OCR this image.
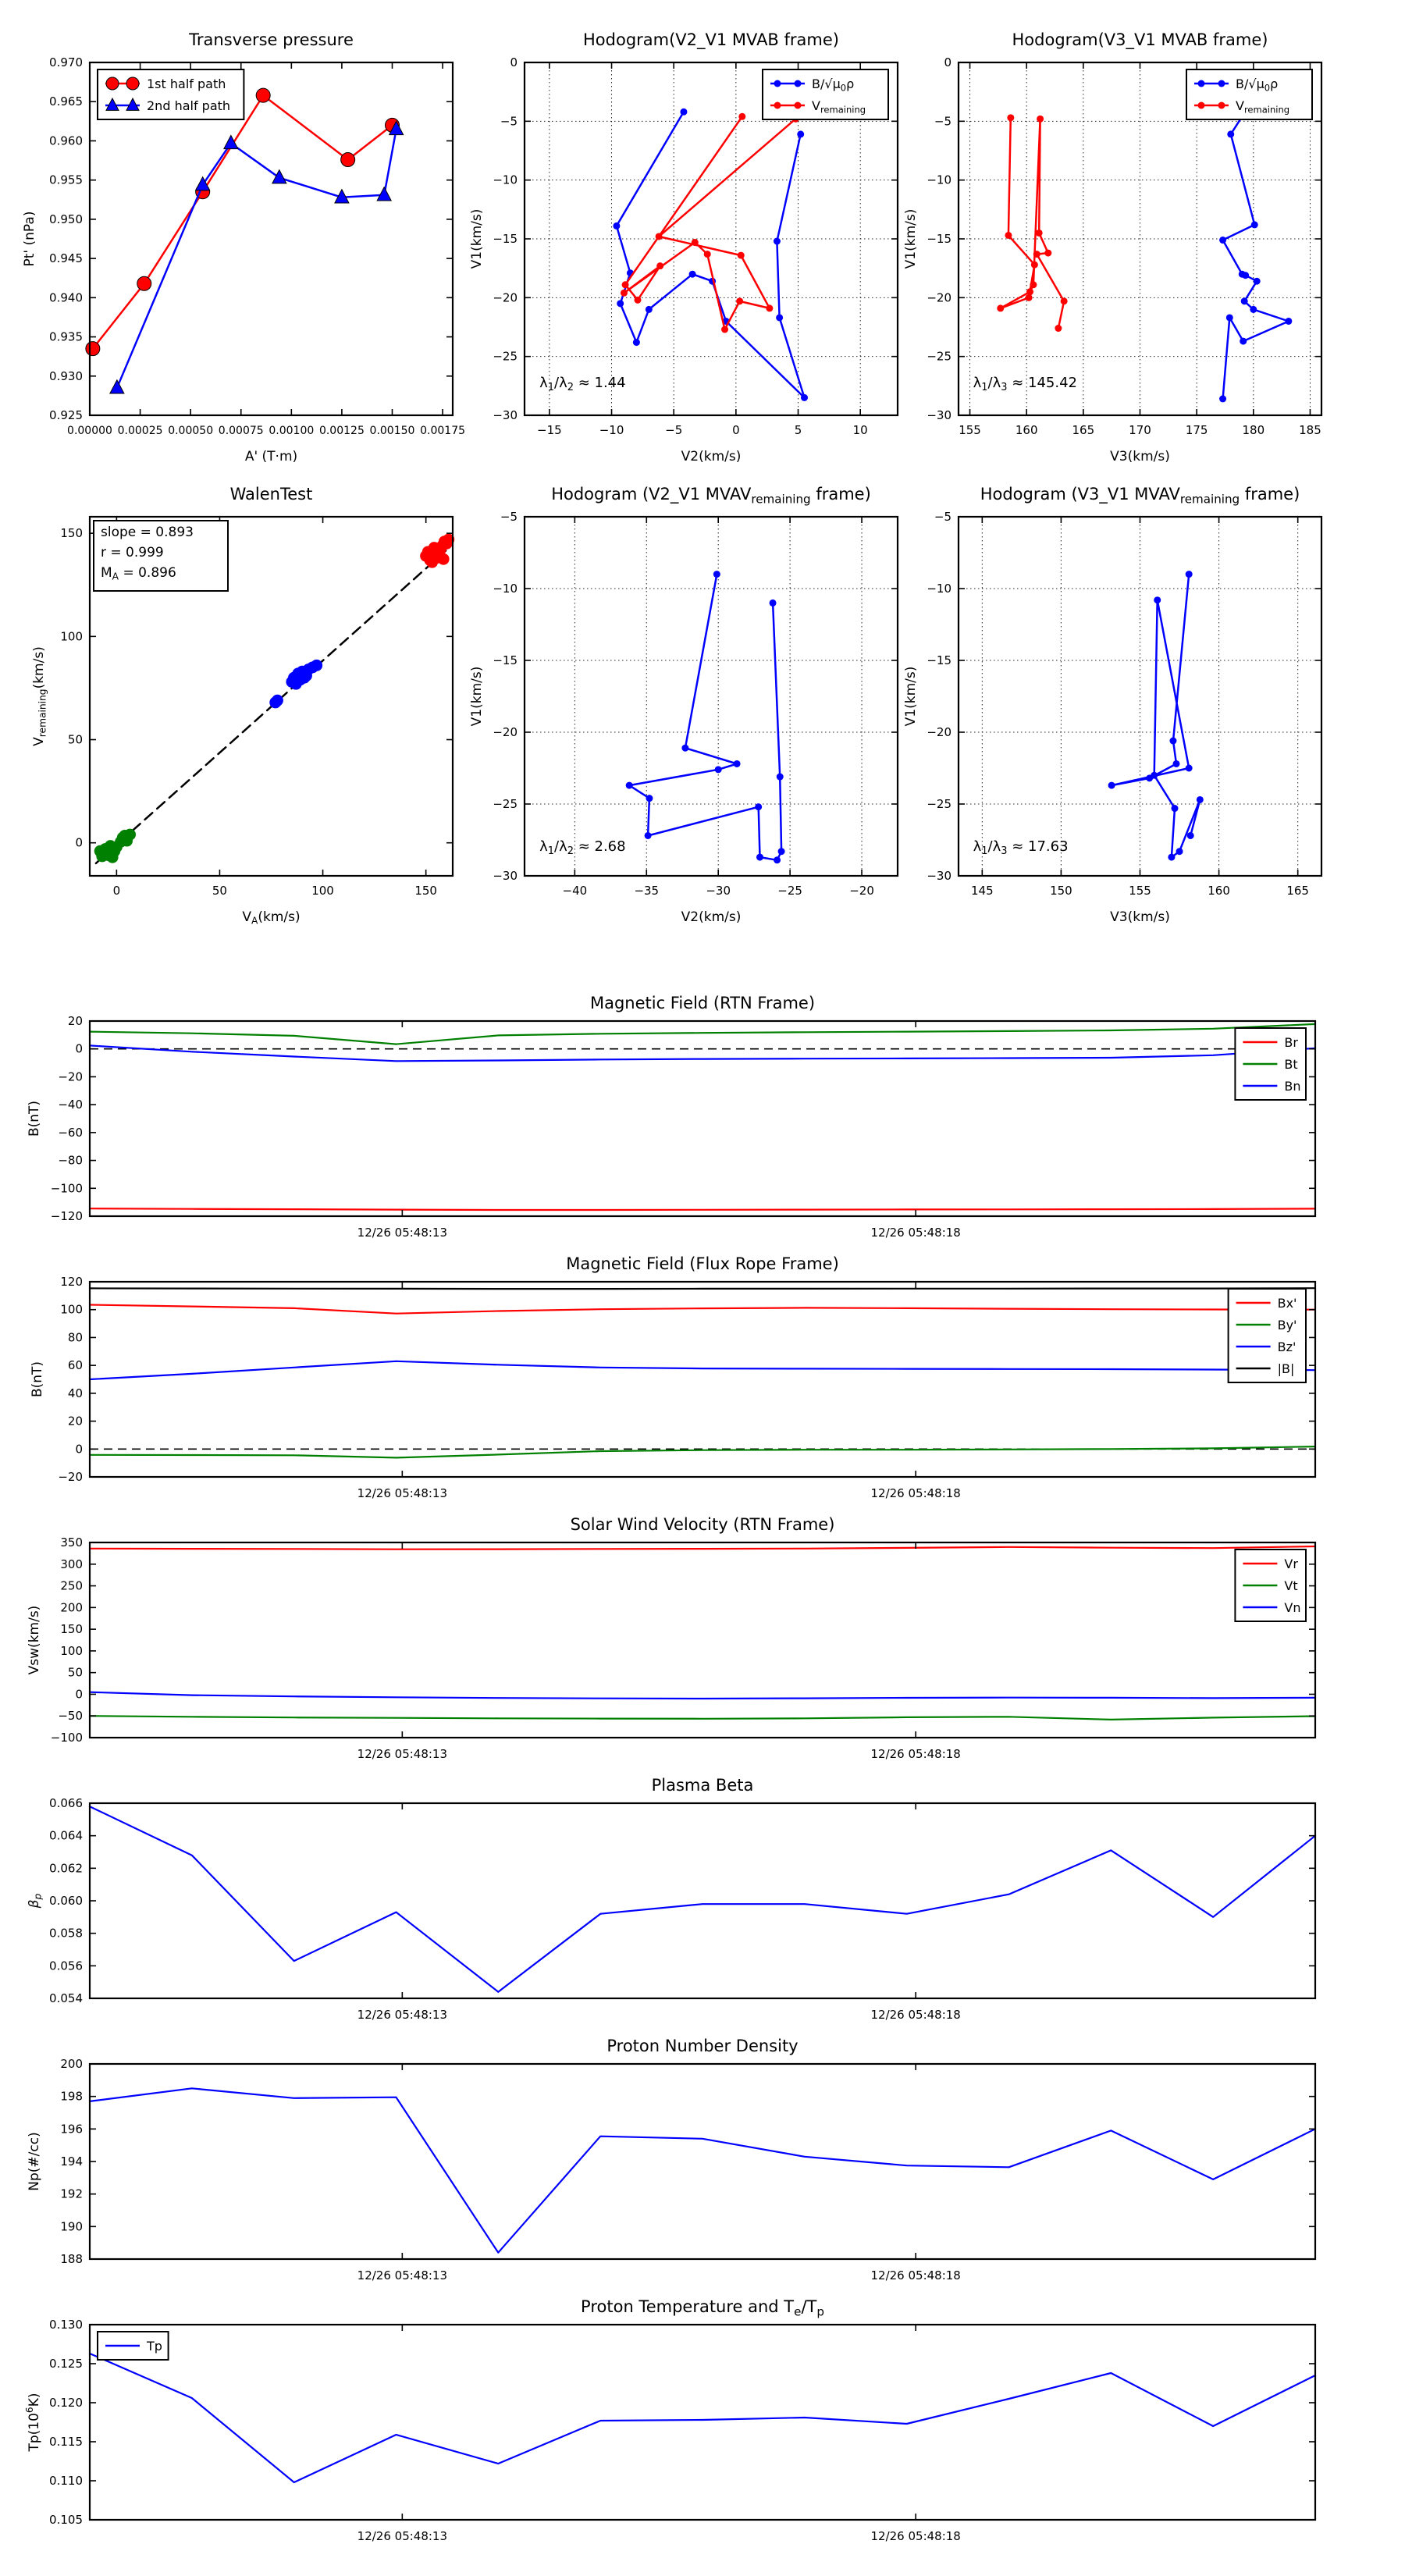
0.00000 0.00025 0.00050 0.00075 0.00100 0.00125 0.00150 0.00175
0.925
0.930
0.935
0.940
0.945
0.950
0.955
0.960
0.965
0.970
Transverse pressure
A' (T·m)
Pt' (nPa)
1st half path
2nd half path
−15	−10	−5	0	5	10
0
−5
−10
−15
−20
−25
−30
Hodogram(V2_V1 MVAB frame)
V2(km/s)
V1(km/s)
$\lambda_1/\lambda_2 \approx 1.44$
$B/√\mu_0\rho$
$V_{remaining}$
155	160	165	170	175	180	185
0
−5
−10
−15
−20
−25
−30
Hodogram(V3_V1 MVAB frame)
V3(km/s)
V1(km/s)
$\lambda_1/\lambda_3 \approx 145.42$
$B/√\mu_0\rho$
$V_{remaining}$
0	50	100	150
0
50
100
150
WalenTest
$V_A(km/s)$
$V_{remaining}(km/s)$
slope = 0.893
r = 0.999
$M_A = 0.896$
−40	−35	−30	−25	−20
−5
−10
−15
−20
−25
−30
Hodogram (V2_V1 $MVAV_{remaining}$ frame)
V2(km/s)
V1(km/s)
$\lambda_1/\lambda_2 \approx 2.68$
145	150	155	160	165
−5
−10
−15
−20
−25
−30
Hodogram (V3_V1 $MVAV_{remaining}$ frame)
V3(km/s)
V1(km/s)
$\lambda_1/\lambda_3 \approx 17.63$
12/26 05:48:13	12/26 05:48:18
20
0
−20
−40
−60
−80
−100
−120
Magnetic Field (RTN Frame)
B(nT)
Br
Bt
Bn
12/26 05:48:13	12/26 05:48:18
120
100
80
60
40
20
0
−20
Magnetic Field (Flux Rope Frame)
B(nT)
Bx'
By'
Bz'
|B|
12/26 05:48:13	12/26 05:48:18
350
300
250
200
150
100
50
0
−50
−100
Solar Wind Velocity (RTN Frame)
Vsw(km/s)
Vr
Vt
Vn
12/26 05:48:13	12/26 05:48:18
0.066
0.064
0.062
0.060
0.058
0.056
0.054
Plasma Beta
$\beta_p$
12/26 05:48:13	12/26 05:48:18
200
198
196
194
192
190
188
Proton Number Density
Np(#/cc)
12/26 05:48:13	12/26 05:48:18
0.130
0.125
0.120
0.115
0.110
0.105
Proton Temperature and $T_e/T_p$
$Tp(10^6K)$
Tp
